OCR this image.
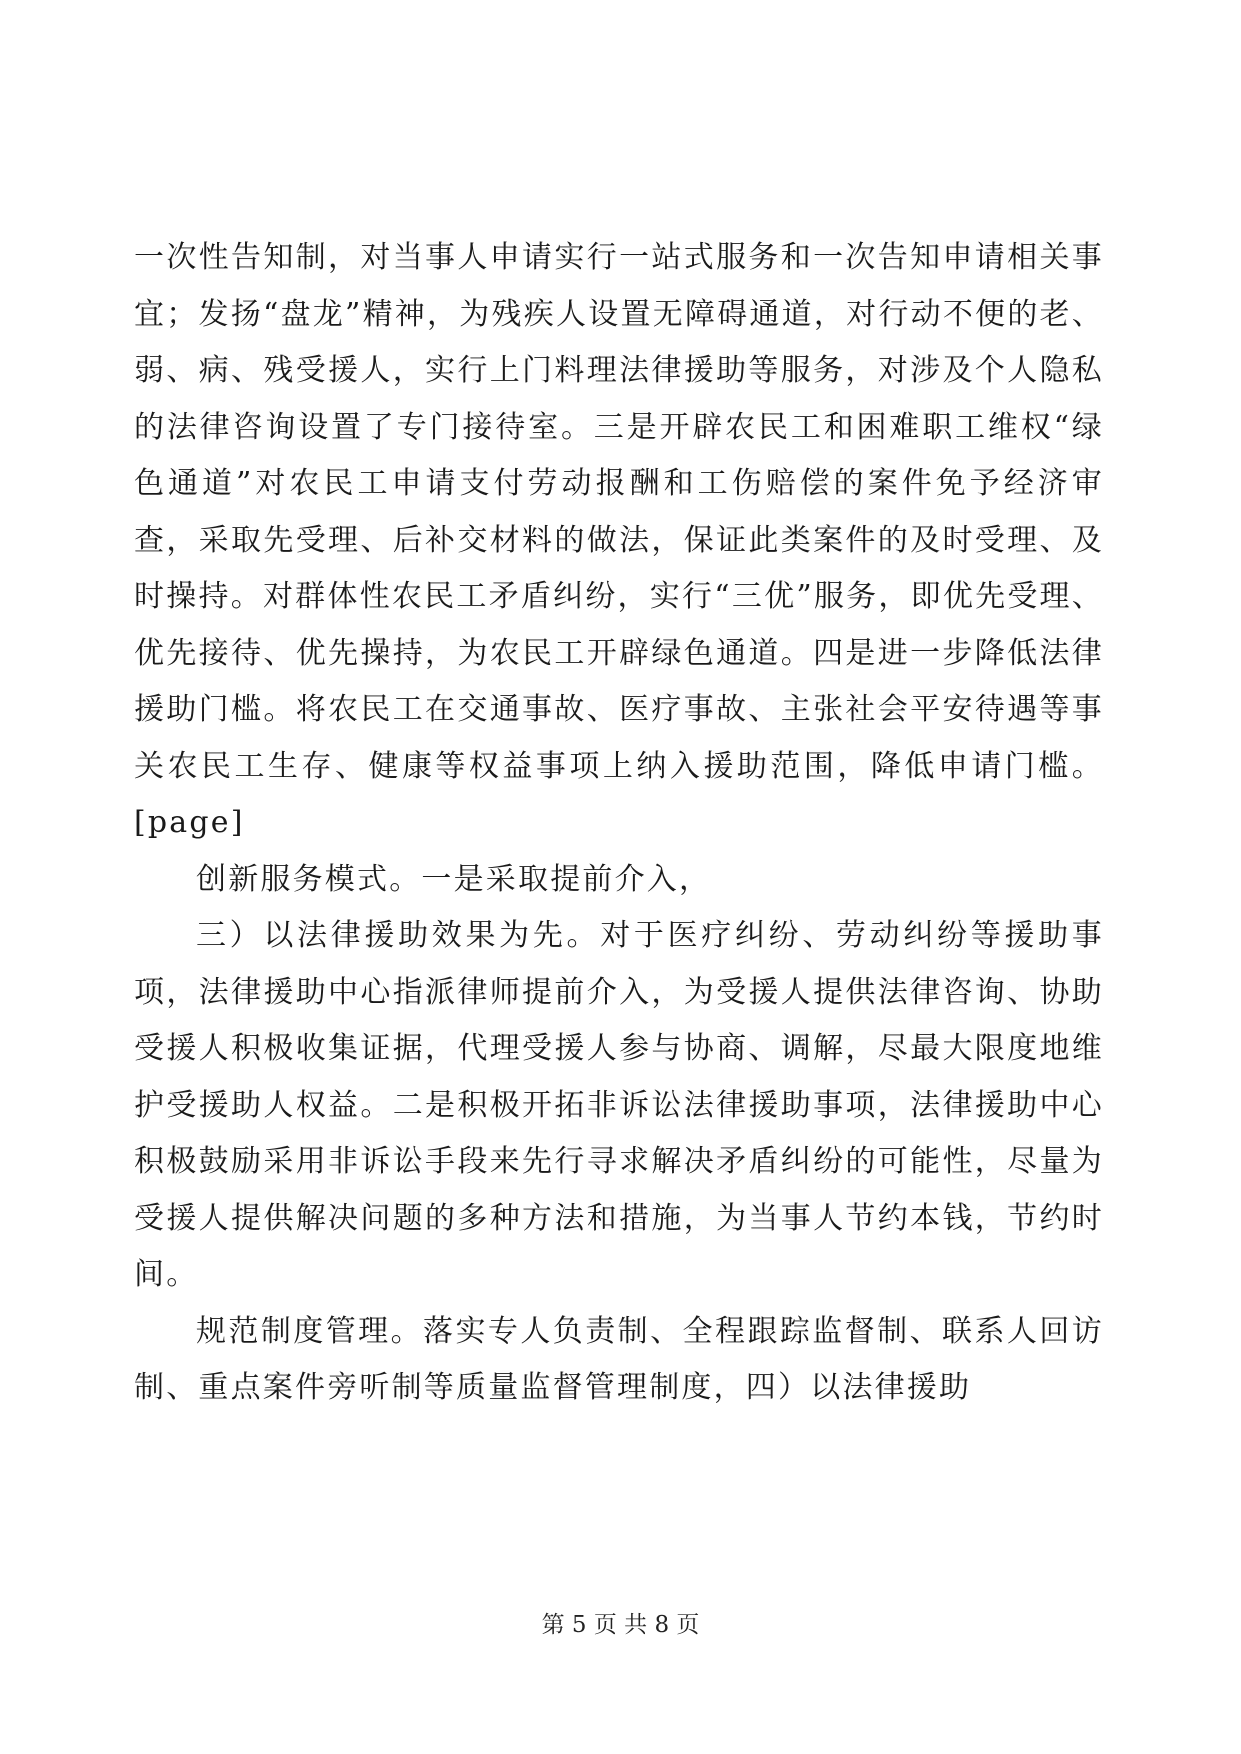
一次性告知制，对当事人申请实行一站式服务和一次告知申请相关事宜；发扬“盘龙”精神，为残疾人设置无障碍通道，对行动不便的老、弱、病、残受援人，实行上门料理法律援助等服务，对涉及个人隐私的法律咨询设置了专门接待室。三是开辟农民工和困难职工维权“绿色通道”对农民工申请支付劳动报酬和工伤赔偿的案件免予经济审查，采取先受理、后补交材料的做法，保证此类案件的及时受理、及时操持。对群体性农民工矛盾纠纷，实行“三优”服务，即优先受理、优先接待、优先操持，为农民工开辟绿色通道。四是进一步降低法律援助门槛。将农民工在交通事故、医疗事故、主张社会平安待遇等事关农民工生存、健康等权益事项上纳入援助范围，降低申请门槛。[page]

创新服务模式。一是采取提前介入，

三）以法律援助效果为先。对于医疗纠纷、劳动纠纷等援助事项，法律援助中心指派律师提前介入，为受援人提供法律咨询、协助受援人积极收集证据，代理受援人参与协商、调解，尽最大限度地维护受援助人权益。二是积极开拓非诉讼法律援助事项，法律援助中心积极鼓励采用非诉讼手段来先行寻求解决矛盾纠纷的可能性，尽量为受援人提供解决问题的多种方法和措施，为当事人节约本钱，节约时间。

规范制度管理。落实专人负责制、全程跟踪监督制、联系人回访制、重点案件旁听制等质量监督管理制度，四）以法律援助

第 5 页 共 8 页
